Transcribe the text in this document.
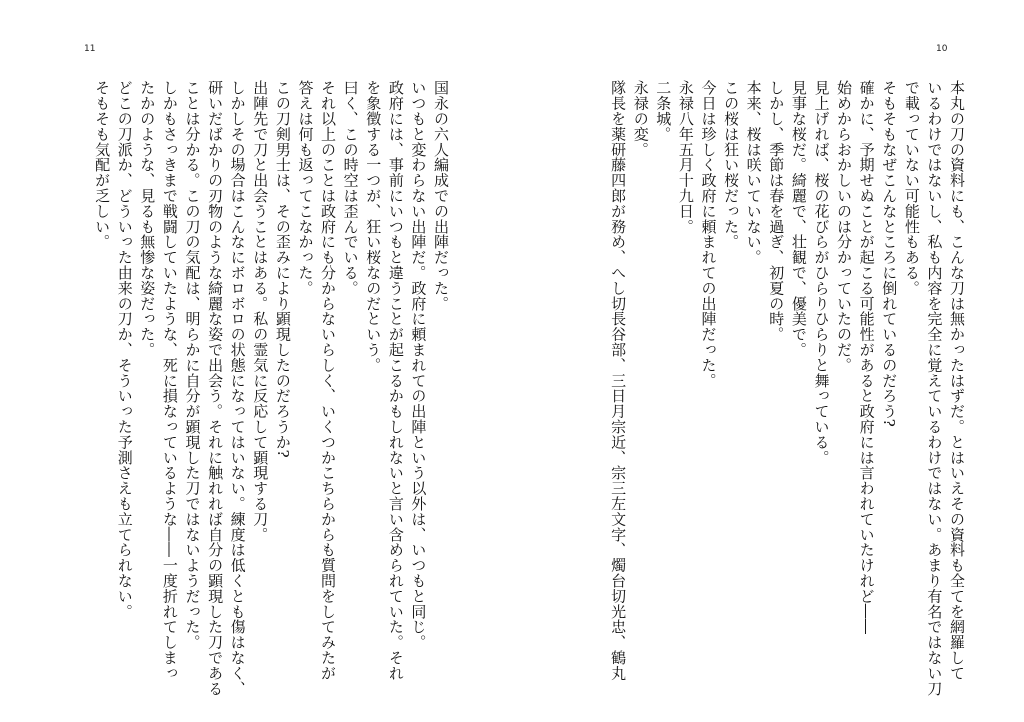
11
国永の六人編成での出陣だった。
いつもと変わらない出陣だ。政府に頼まれての出陣という以外は、いつもと同じ。
政府には、事前にいつもと違うことが起こるかもしれないと言い含められていた。それ
を象徴する一つが、狂い桜なのだという。
曰く、この時空は歪んでいる。
それ以上のことは政府にも分からないらしく、いくつかこちらからも質問をしてみたが
答えは何も返ってこなかった。
この刀剣男士は、その歪みにより顕現したのだろうか?
出陣先で刀と出会うことはある。私の霊気に反応して顕現する刀。
しかしその場合はこんなにボロボロの状態になってはいない。練度は低くとも傷はなく、
研いだばかりの刃物のような綺麗な姿で出会う。それに触れれば自分の顕現した刀である
ことは分かる。この刀の気配は、明らかに自分が顕現した刀ではないようだった。
しかもさっきまで戦闘していたような、死に損なっているような――一度折れてしまっ
たかのような、見るも無惨な姿だった。
どこの刀派か、どういった由来の刀か、そういった予測さえも立てられない。
そもそも気配が乏しい。
10
本丸の刀の資料にも、こんな刀は無かったはずだ。とはいえその資料も全てを網羅して
いるわけではないし、私も内容を完全に覚えているわけではない。あまり有名ではない刀
で載っていない可能性もある。
そもそもなぜこんなところに倒れているのだろう?
確かに、予期せぬことが起こる可能性があると政府には言われていたけれど――
始めからおかしいのは分かっていたのだ。
見上げれば、桜の花びらがひらりひらりと舞っている。
見事な桜だ。綺麗で、壮観で、優美で。
しかし、季節は春を過ぎ、初夏の時。
本来、桜は咲いていない。
この桜は狂い桜だった。
今日は珍しく政府に頼まれての出陣だった。
永禄八年五月十九日。
二条城。
永禄の変。
隊長を薬研藤四郎が務め、へし切長谷部、三日月宗近、宗三左文字、燭台切光忠、鶴丸
